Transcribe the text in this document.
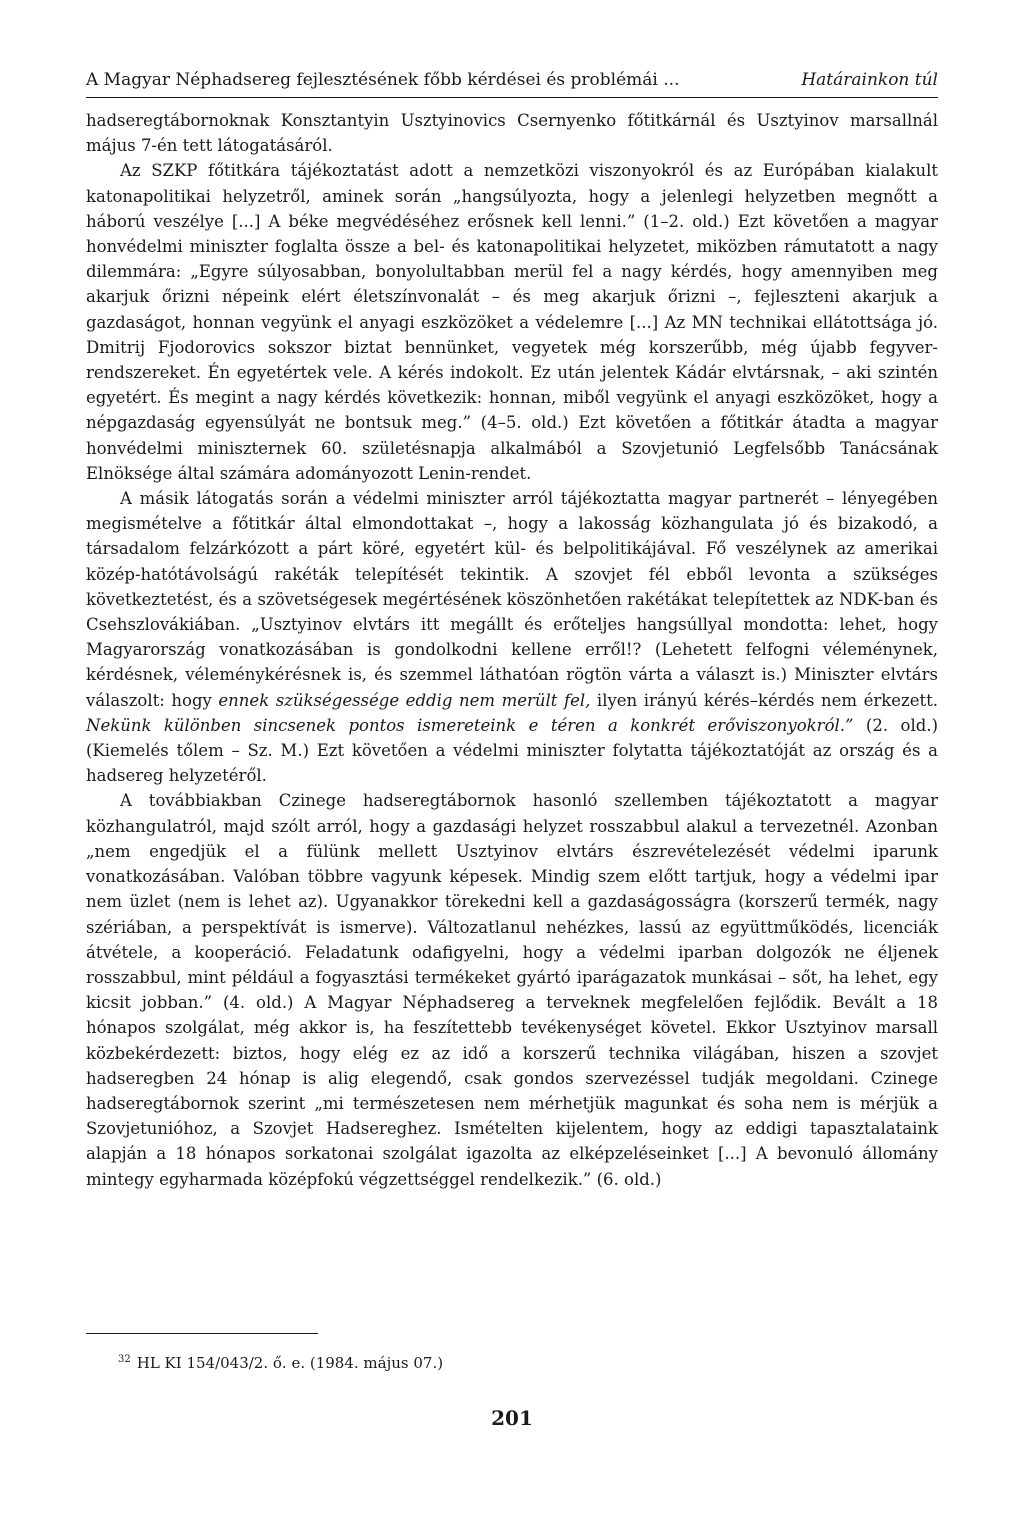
A Magyar Néphadsereg fejlesztésének főbb kérdései és problémái ...	Határainkon túl

hadseregtábornoknak Konsztantyin Usztyinovics Csernyenko főtitkárnál és Usztyinov marsallnál május 7-én tett látogatásáról.

Az SZKP főtitkára tájékoztatást adott a nemzetközi viszonyokról és az Európában kialakult katonapolitikai helyzetről, aminek során „hangsúlyozta, hogy a jelenlegi helyzetben megnőtt a háború veszélye [...] A béke megvédéséhez erősnek kell lenni.” (1–2. old.) Ezt követően a magyar honvédelmi miniszter foglalta össze a bel- és katonapolitikai helyzetet, miközben rámutatott a nagy dilemmára: „Egyre súlyosabban, bonyolultabban merül fel a nagy kérdés, hogy amennyiben meg akarjuk őrizni népeink elért életszínvonalát – és meg akarjuk őrizni –, fejleszteni akarjuk a gazdaságot, honnan vegyünk el anyagi eszközöket a védelemre [...] Az MN technikai ellátottsága jó. Dmitrij Fjodorovics sokszor biztat bennünket, vegyetek még korszerűbb, még újabb fegyver-rendszereket. Én egyetértek vele. A kérés indokolt. Ez után jelentek Kádár elvtársnak, – aki szintén egyetért. És megint a nagy kérdés következik: honnan, miből vegyünk el anyagi eszközöket, hogy a népgazdaság egyensúlyát ne bontsuk meg.” (4–5. old.) Ezt követően a főtitkár átadta a magyar honvédelmi miniszternek 60. születésnapja alkalmából a Szovjetunió Legfelsőbb Tanácsának Elnöksége által számára adományozott Lenin-rendet.

A másik látogatás során a védelmi miniszter arról tájékoztatta magyar partnerét – lényegében megismételve a főtitkár által elmondottakat –, hogy a lakosság közhangulata jó és bizakodó, a társadalom felzárkózott a párt köré, egyetért kül- és belpolitikájával. Fő veszélynek az amerikai közép-hatótávolságú rakéták telepítését tekintik. A szovjet fél ebből levonta a szükséges következtetést, és a szövetségesek megértésének köszönhetően rakétákat telepítettek az NDK-ban és Csehszlovákiában. „Usztyinov elvtárs itt megállt és erőteljes hangsúllyal mondotta: lehet, hogy Magyarország vonatkozásában is gondolkodni kellene erről!? (Lehetett felfogni véleménynek, kérdésnek, véleménykérésnek is, és szemmel láthatóan rögtön várta a választ is.) Miniszter elvtárs válaszolt: hogy ennek szükségessége eddig nem merült fel, ilyen irányú kérés–kérdés nem érkezett. Nekünk különben sincsenek pontos ismereteink e téren a konkrét erőviszonyokról.” (2. old.) (Kiemelés tőlem – Sz. M.) Ezt követően a védelmi miniszter folytatta tájékoztatóját az ország és a hadsereg helyzetéről.

A továbbiakban Czinege hadseregtábornok hasonló szellemben tájékoztatott a magyar közhangulatról, majd szólt arról, hogy a gazdasági helyzet rosszabbul alakul a tervezetnél. Azonban „nem engedjük el a fülünk mellett Usztyinov elvtárs észrevételezését védelmi iparunk vonatkozásában. Valóban többre vagyunk képesek. Mindig szem előtt tartjuk, hogy a védelmi ipar nem üzlet (nem is lehet az). Ugyanakkor törekedni kell a gazdaságosságra (korszerű termék, nagy szériában, a perspektívát is ismerve). Változatlanul nehézkes, lassú az együttműködés, licenciák átvétele, a kooperáció. Feladatunk odafigyelni, hogy a védelmi iparban dolgozók ne éljenek rosszabbul, mint például a fogyasztási termékeket gyártó iparágazatok munkásai – sőt, ha lehet, egy kicsit jobban.” (4. old.) A Magyar Néphadsereg a terveknek megfelelően fejlődik. Bevált a 18 hónapos szolgálat, még akkor is, ha feszítettebb tevékenységet követel. Ekkor Usztyinov marsall közbekérdezett: biztos, hogy elég ez az idő a korszerű technika világában, hiszen a szovjet hadseregben 24 hónap is alig elegendő, csak gondos szervezéssel tudják megoldani. Czinege hadseregtábornok szerint „mi természetesen nem mérhetjük magunkat és soha nem is mérjük a Szovjetunióhoz, a Szovjet Hadsereghez. Ismételten kijelentem, hogy az eddigi tapasztalataink alapján a 18 hónapos sorkatonai szolgálat igazolta az elképzeléseinket [...] A bevonuló állomány mintegy egyharmada középfokú végzettséggel rendelkezik.” (6. old.)

$^{32}$ HL KI 154/043/2. ő. e. (1984. május 07.)
201
